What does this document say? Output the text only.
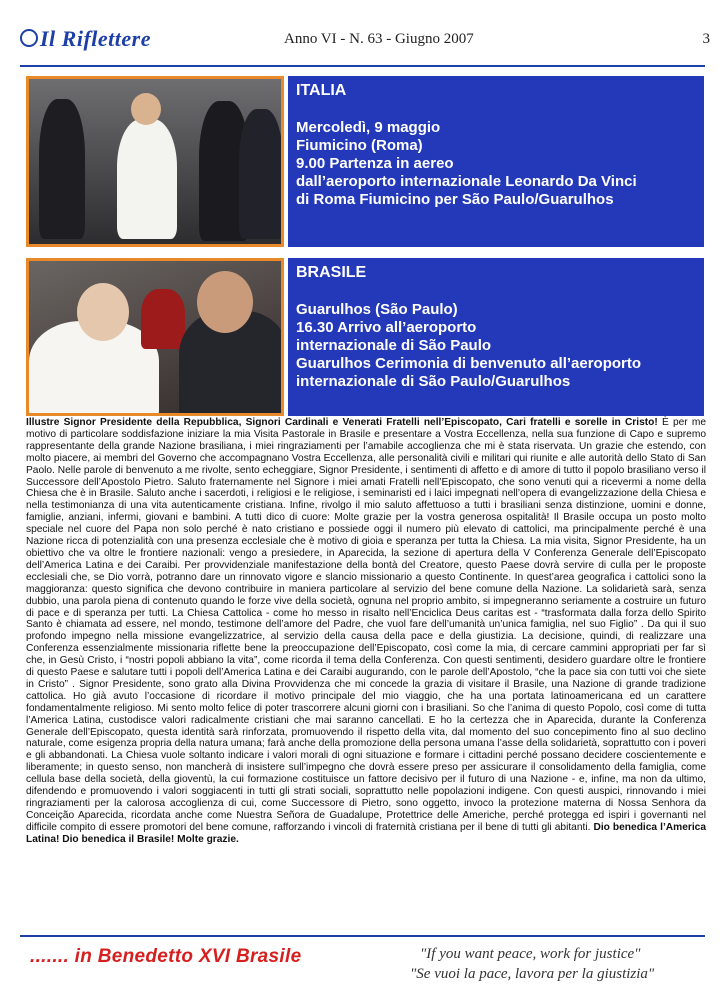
Il Riflettere	Anno VI - N. 63 - Giugno 2007	3
ITALIA
Mercoledì, 9 maggio
Fiumicino (Roma)
9.00 Partenza in aereo
dall’aeroporto internazionale Leonardo Da Vinci
di Roma Fiumicino per São Paulo/Guarulhos
BRASILE
Guarulhos (São Paulo)
16.30 Arrivo all’aeroporto
internazionale di São Paulo
Guarulhos Cerimonia di benvenuto all’aeroporto
internazionale di São Paulo/Guarulhos
Illustre Signor Presidente della Repubblica, Signori Cardinali e Venerati Fratelli nell’Episcopato, Cari fratelli e sorelle in Cristo! È per me motivo di particolare soddisfazione iniziare la mia Visita Pastorale in Brasile e presentare a Vostra Eccellenza, nella sua funzione di Capo e supremo rappresentante della grande Nazione brasiliana, i miei ringraziamenti per l’amabile accoglienza che mi è stata riservata. Un grazie che estendo, con molto piacere, ai membri del Governo che accompagnano Vostra Eccellenza, alle personalità civili e militari qui riunite e alle autorità dello Stato di San Paolo. Nelle parole di benvenuto a me rivolte, sento echeggiare, Signor Presidente, i sentimenti di affetto e di amore di tutto il popolo brasiliano verso il Successore dell’Apostolo Pietro. Saluto fraternamente nel Signore i miei amati Fratelli nell’Episcopato, che sono venuti qui a ricevermi a nome della Chiesa che è in Brasile. Saluto anche i sacerdoti, i religiosi e le religiose, i seminaristi ed i laici impegnati nell’opera di evangelizzazione della Chiesa e nella testimonianza di una vita autenticamente cristiana. Infine, rivolgo il mio saluto affettuoso a tutti i brasiliani senza distinzione, uomini e donne, famiglie, anziani, infermi, giovani e bambini. A tutti dico di cuore: Molte grazie per la vostra generosa ospitalità! Il Brasile occupa un posto molto speciale nel cuore del Papa non solo perché è nato cristiano e possiede oggi il numero più elevato di cattolici, ma principalmente perché è una Nazione ricca di potenzialità con una presenza ecclesiale che è motivo di gioia e speranza per tutta la Chiesa. La mia visita, Signor Presidente, ha un obiettivo che va oltre le frontiere nazionali: vengo a presiedere, in Aparecida, la sezione di apertura della V Conferenza Generale dell’Episcopato dell’America Latina e dei Caraibi. Per provvidenziale manifestazione della bontà del Creatore, questo Paese dovrà servire di culla per le proposte ecclesiali che, se Dio vorrà, potranno dare un rinnovato vigore e slancio missionario a questo Continente. In quest’area geografica i cattolici sono la maggioranza: questo significa che devono contribuire in maniera particolare al servizio del bene comune della Nazione. La solidarietà sarà, senza dubbio, una parola piena di contenuto quando le forze vive della società, ognuna nel proprio ambito, si impegneranno seriamente a costruire un futuro di pace e di speranza per tutti. La Chiesa Cattolica - come ho messo in risalto nell’Enciclica Deus caritas est - “trasformata dalla forza dello Spirito Santo è chiamata ad essere, nel mondo, testimone dell’amore del Padre, che vuol fare dell’umanità un’unica famiglia, nel suo Figlio” . Da qui il suo profondo impegno nella missione evangelizzatrice, al servizio della causa della pace e della giustizia. La decisione, quindi, di realizzare una Conferenza essenzialmente missionaria riflette bene la preoccupazione dell’Episcopato, così come la mia, di cercare cammini appropriati per far sì che, in Gesù Cristo, i “nostri popoli abbiano la vita”, come ricorda il tema della Conferenza. Con questi sentimenti, desidero guardare oltre le frontiere di questo Paese e salutare tutti i popoli dell’America Latina e dei Caraibi augurando, con le parole dell’Apostolo, “che la pace sia con tutti voi che siete in Cristo” . Signor Presidente, sono grato alla Divina Provvidenza che mi concede la grazia di visitare il Brasile, una Nazione di grande tradizione cattolica. Ho già avuto l’occasione di ricordare il motivo principale del mio viaggio, che ha una portata latinoamericana ed un carattere fondamentalmente religioso. Mi sento molto felice di poter trascorrere alcuni giorni con i brasiliani. So che l’anima di questo Popolo, così come di tutta l’America Latina, custodisce valori radicalmente cristiani che mai saranno cancellati. E ho la certezza che in Aparecida, durante la Conferenza Generale dell’Episcopato, questa identità sarà rinforzata, promuovendo il rispetto della vita, dal momento del suo concepimento fino al suo declino naturale, come esigenza propria della natura umana; farà anche della promozione della persona umana l’asse della solidarietà, soprattutto con i poveri e gli abbandonati. La Chiesa vuole soltanto indicare i valori morali di ogni situazione e formare i cittadini perché possano decidere coscientemente e liberamente; in questo senso, non mancherà di insistere sull’impegno che dovrà essere preso per assicurare il consolidamento della famiglia, come cellula base della società, della gioventù, la cui formazione costituisce un fattore decisivo per il futuro di una Nazione - e, infine, ma non da ultimo, difendendo e promuovendo i valori soggiacenti in tutti gli strati sociali, soprattutto nelle popolazioni indigene. Con questi auspici, rinnovando i miei ringraziamenti per la calorosa accoglienza di cui, come Successore di Pietro, sono oggetto, invoco la protezione materna di Nossa Senhora da Conceição Aparecida, ricordata anche come Nuestra Señora de Guadalupe, Protettrice delle Americhe, perché protegga ed ispiri i governanti nel difficile compito di essere promotori del bene comune, rafforzando i vincoli di fraternità cristiana per il bene di tutti gli abitanti. Dio benedica l’America Latina! Dio benedica il Brasile! Molte grazie.
....... in Benedetto XVI Brasile	"If you want peace, work for justice"
"Se vuoi la pace, lavora per la giustizia"
